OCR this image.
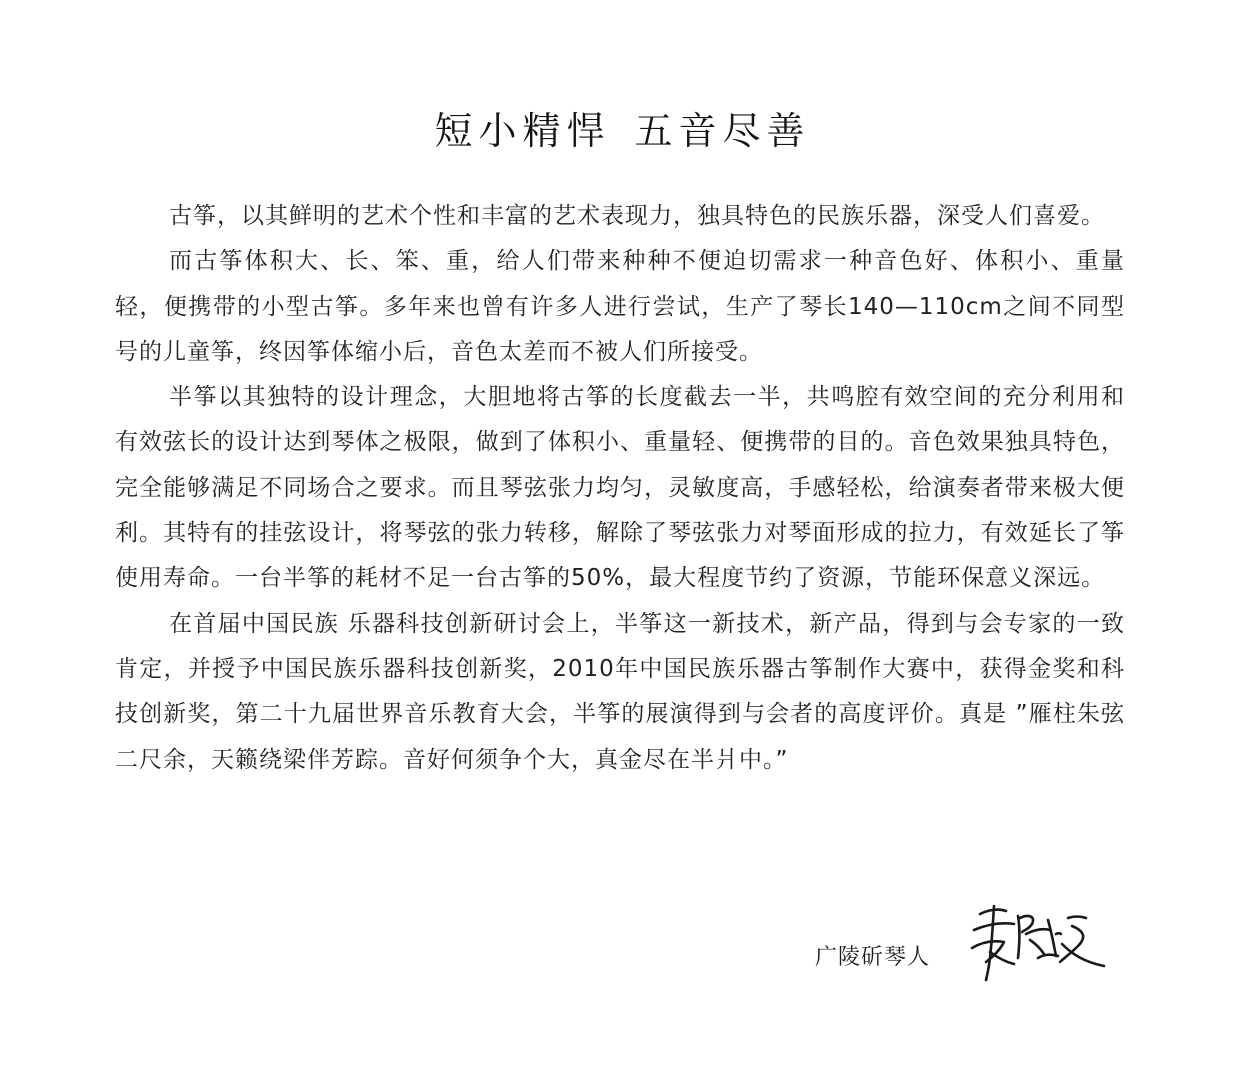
短小精悍 五音尽善

古筝，以其鲜明的艺术个性和丰富的艺术表现力，独具特色的民族乐器，深受人们喜爱。

而古筝体积大、长、笨、重，给人们带来种种不便迫切需求一种音色好、体积小、重量轻，便携带的小型古筝。多年来也曾有许多人进行尝试，生产了琴长140—110cm之间不同型号的儿童筝，终因筝体缩小后，音色太差而不被人们所接受。

半筝以其独特的设计理念，大胆地将古筝的长度截去一半，共鸣腔有效空间的充分利用和有效弦长的设计达到琴体之极限，做到了体积小、重量轻、便携带的目的。音色效果独具特色，完全能够满足不同场合之要求。而且琴弦张力均匀，灵敏度高，手感轻松，给演奏者带来极大便利。其特有的挂弦设计，将琴弦的张力转移，解除了琴弦张力对琴面形成的拉力，有效延长了筝使用寿命。一台半筝的耗材不足一台古筝的50%，最大程度节约了资源，节能环保意义深远。

在首届中国民族 乐器科技创新研讨会上，半筝这一新技术，新产品，得到与会专家的一致肯定，并授予中国民族乐器科技创新奖，2010年中国民族乐器古筝制作大赛中，获得金奖和科技创新奖，第二十九届世界音乐教育大会，半筝的展演得到与会者的高度评价。真是 ”雁柱朱弦二尺余，天籁绕梁伴芳踪。音好何须争个大，真金尽在半爿中。”

广陵斫琴人
